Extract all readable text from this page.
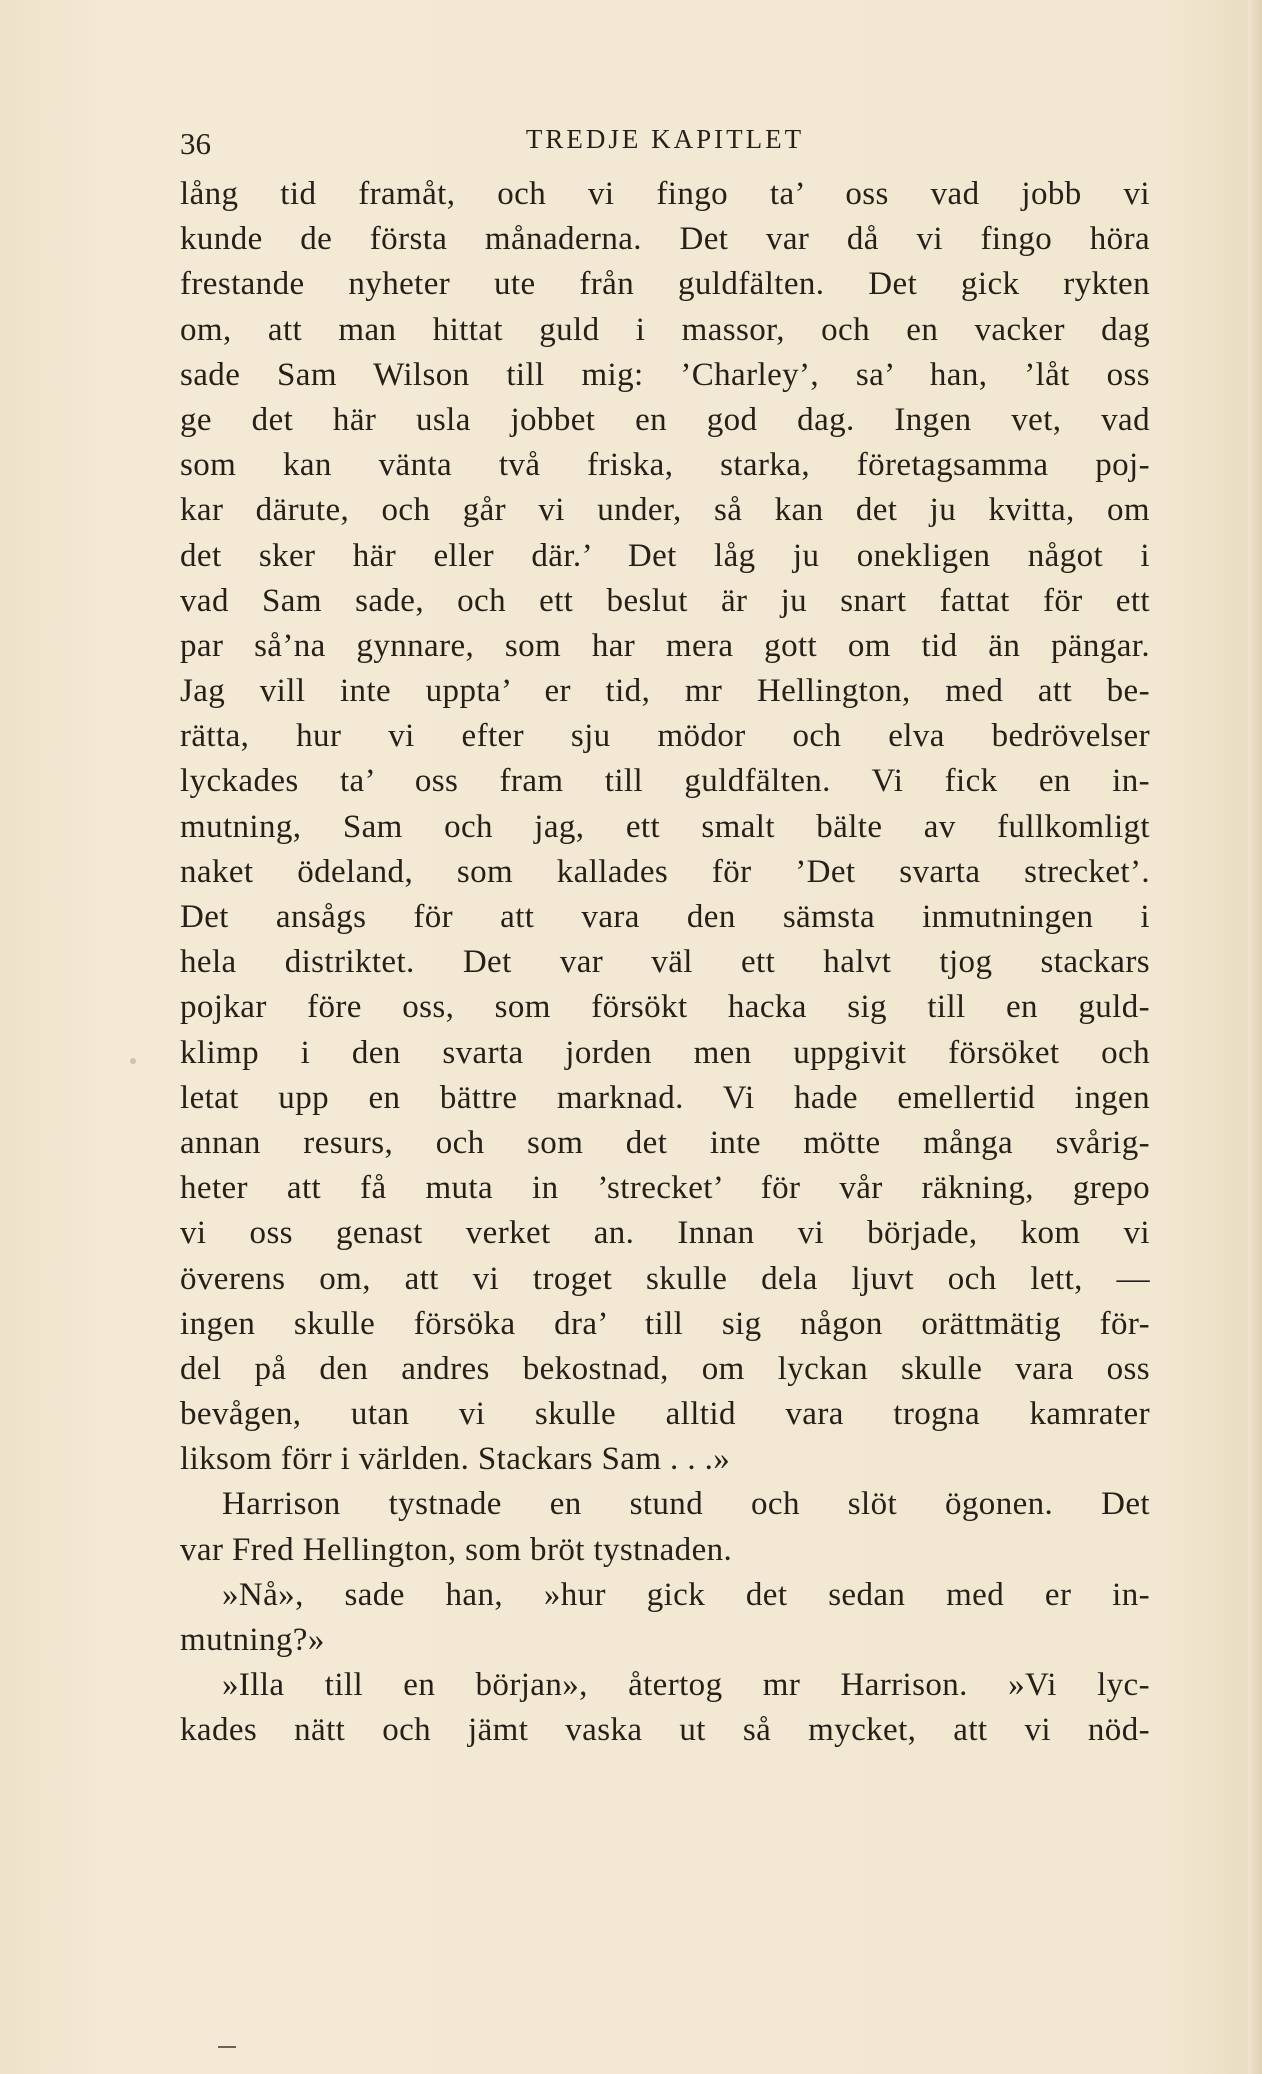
36	TREDJE KAPITLET
lång tid framåt, och vi fingo ta’ oss vad jobb vi
kunde de första månaderna. Det var då vi fingo höra
frestande nyheter ute från guldfälten. Det gick rykten
om, att man hittat guld i massor, och en vacker dag
sade Sam Wilson till mig: ’Charley’, sa’ han, ’låt oss
ge det här usla jobbet en god dag. Ingen vet, vad
som kan vänta två friska, starka, företagsamma poj-
kar därute, och går vi under, så kan det ju kvitta, om
det sker här eller där.’ Det låg ju onekligen något i
vad Sam sade, och ett beslut är ju snart fattat för ett
par så’na gynnare, som har mera gott om tid än pängar.
Jag vill inte uppta’ er tid, mr Hellington, med att be-
rätta, hur vi efter sju mödor och elva bedrövelser
lyckades ta’ oss fram till guldfälten. Vi fick en in-
mutning, Sam och jag, ett smalt bälte av fullkomligt
naket ödeland, som kallades för ’Det svarta strecket’.
Det ansågs för att vara den sämsta inmutningen i
hela distriktet. Det var väl ett halvt tjog stackars
pojkar före oss, som försökt hacka sig till en guld-
klimp i den svarta jorden men uppgivit försöket och
letat upp en bättre marknad. Vi hade emellertid ingen
annan resurs, och som det inte mötte många svårig-
heter att få muta in ’strecket’ för vår räkning, grepo
vi oss genast verket an. Innan vi började, kom vi
överens om, att vi troget skulle dela ljuvt och lett, —
ingen skulle försöka dra’ till sig någon orättmätig för-
del på den andres bekostnad, om lyckan skulle vara oss
bevågen, utan vi skulle alltid vara trogna kamrater
liksom förr i världen. Stackars Sam . . .»
Harrison tystnade en stund och slöt ögonen. Det
var Fred Hellington, som bröt tystnaden.
»Nå», sade han, »hur gick det sedan med er in-
mutning?»
»Illa till en början», återtog mr Harrison. »Vi lyc-
kades nätt och jämt vaska ut så mycket, att vi nöd-
